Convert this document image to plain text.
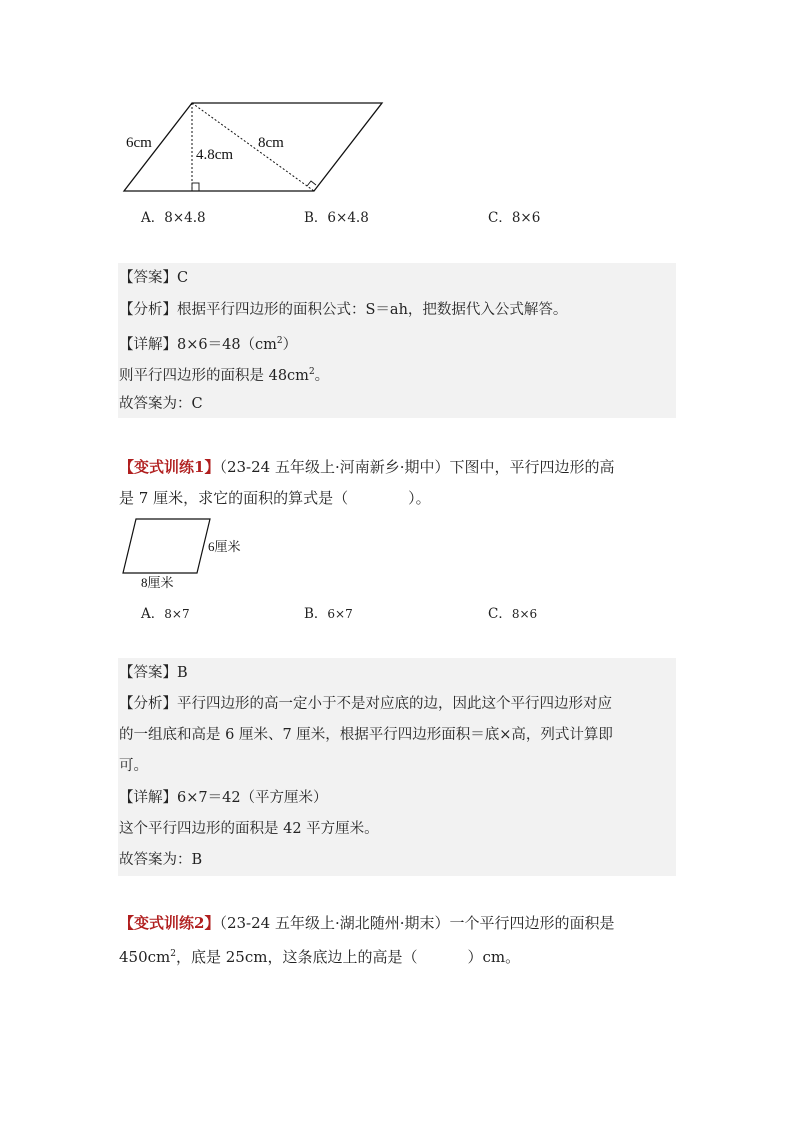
6cm
4.8cm
8cm
A．8×4.8	B．6×4.8	C．8×6
【答案】C
【分析】根据平行四边形的面积公式：S＝ah，把数据代入公式解答。
【详解】$8\times 6=48(cm^2)$
则平行四边形的面积是 $48cm^2$。
故答案为：C
【变式训练1】（23-24 五年级上·河南新乡·期中）下图中，平行四边形的高
是 7 厘米，求它的面积的算式是（	）。
6厘米
8厘米
A．8×7	B．6×7	C．8×6
【答案】B
【分析】平行四边形的高一定小于不是对应底的边，因此这个平行四边形对应
的一组底和高是 6 厘米、7 厘米，根据平行四边形面积＝底×高，列式计算即
可。
【详解】6×7＝42（平方厘米）
这个平行四边形的面积是 42 平方厘米。
故答案为：B
【变式训练2】（23-24 五年级上·湖北随州·期末）一个平行四边形的面积是
$450cm^2$，底是 25cm，这条底边上的高是（	）cm。
